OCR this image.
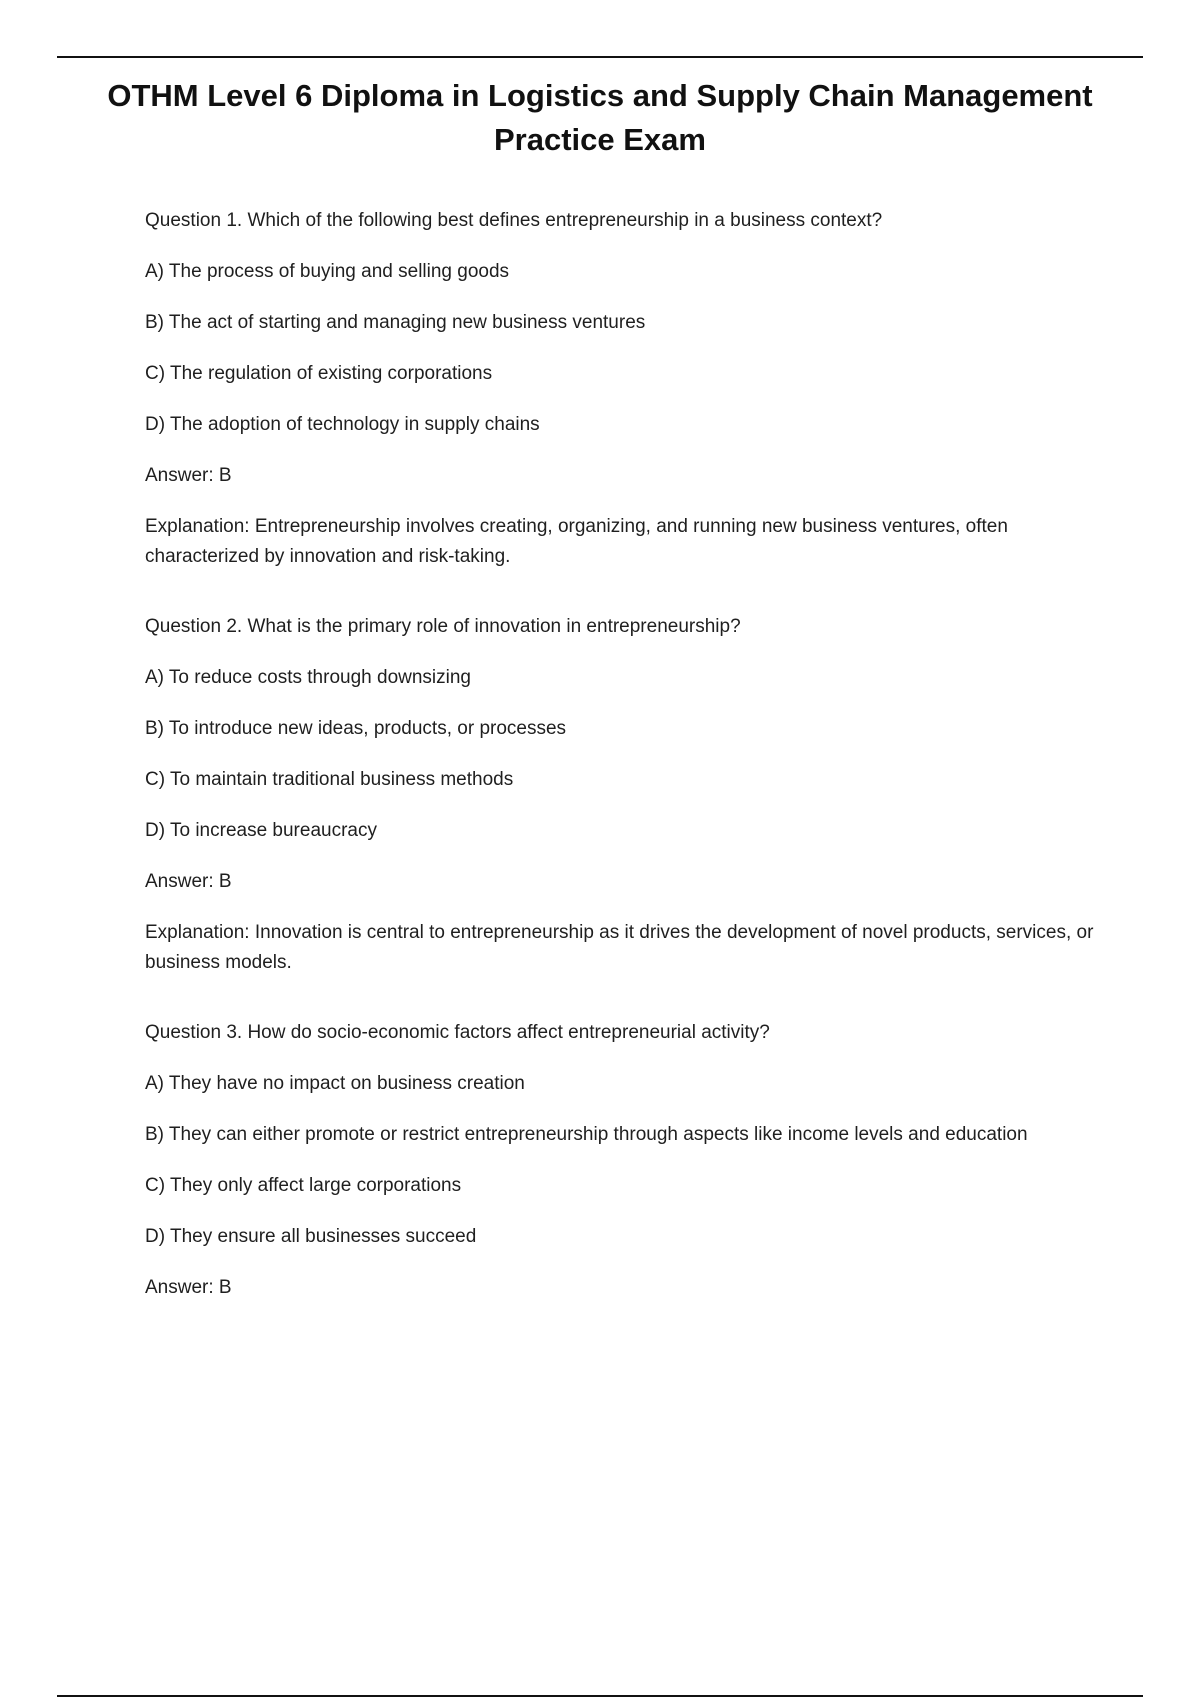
OTHM Level 6 Diploma in Logistics and Supply Chain Management Practice Exam
Question 1. Which of the following best defines entrepreneurship in a business context?
A) The process of buying and selling goods
B) The act of starting and managing new business ventures
C) The regulation of existing corporations
D) The adoption of technology in supply chains
Answer: B
Explanation: Entrepreneurship involves creating, organizing, and running new business ventures, often characterized by innovation and risk-taking.
Question 2. What is the primary role of innovation in entrepreneurship?
A) To reduce costs through downsizing
B) To introduce new ideas, products, or processes
C) To maintain traditional business methods
D) To increase bureaucracy
Answer: B
Explanation: Innovation is central to entrepreneurship as it drives the development of novel products, services, or business models.
Question 3. How do socio-economic factors affect entrepreneurial activity?
A) They have no impact on business creation
B) They can either promote or restrict entrepreneurship through aspects like income levels and education
C) They only affect large corporations
D) They ensure all businesses succeed
Answer: B
